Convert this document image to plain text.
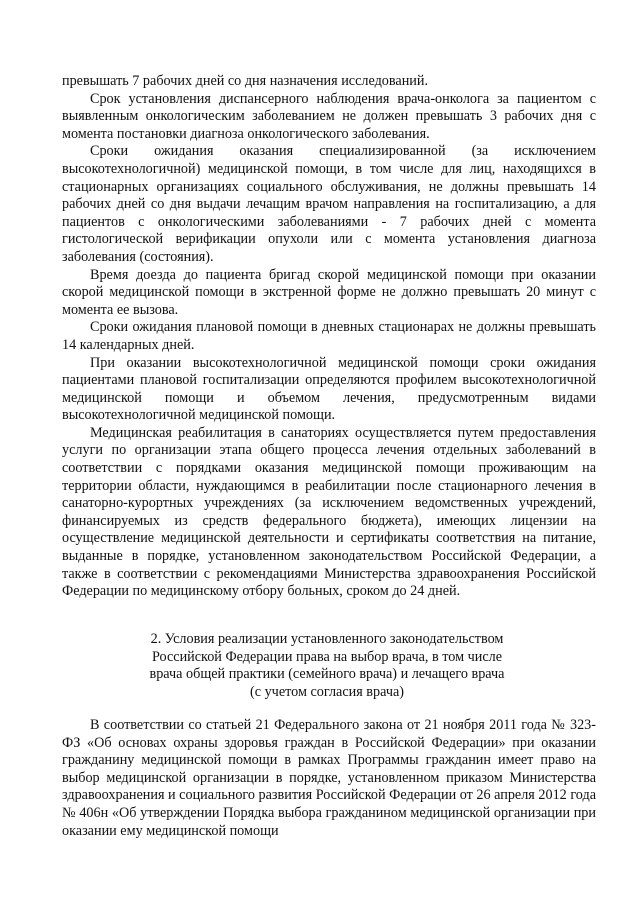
превышать 7 рабочих дней со дня назначения исследований.

Срок установления диспансерного наблюдения врача-онколога за пациентом с выявленным онкологическим заболеванием не должен превышать 3 рабочих дня с момента постановки диагноза онкологического заболевания.

Сроки ожидания оказания специализированной (за исключением высокотехнологичной) медицинской помощи, в том числе для лиц, находящихся в стационарных организациях социального обслуживания, не должны превышать 14 рабочих дней со дня выдачи лечащим врачом направления на госпитализацию, а для пациентов с онкологическими заболеваниями - 7 рабочих дней с момента гистологической верификации опухоли или с момента установления диагноза заболевания (состояния).

Время доезда до пациента бригад скорой медицинской помощи при оказании скорой медицинской помощи в экстренной форме не должно превышать 20 минут с момента ее вызова.

Сроки ожидания плановой помощи в дневных стационарах не должны превышать 14 календарных дней.

При оказании высокотехнологичной медицинской помощи сроки ожидания пациентами плановой госпитализации определяются профилем высокотехнологичной медицинской помощи и объемом лечения, предусмотренным видами высокотехнологичной медицинской помощи.

Медицинская реабилитация в санаториях осуществляется путем предоставления услуги по организации этапа общего процесса лечения отдельных заболеваний в соответствии с порядками оказания медицинской помощи проживающим на территории области, нуждающимся в реабилитации после стационарного лечения в санаторно-курортных учреждениях (за исключением ведомственных учреждений, финансируемых из средств федерального бюджета), имеющих лицензии на осуществление медицинской деятельности и сертификаты соответствия на питание, выданные в порядке, установленном законодательством Российской Федерации, а также в соответствии с рекомендациями Министерства здравоохранения Российской Федерации по медицинскому отбору больных, сроком до 24 дней.

2. Условия реализации установленного законодательством
Российской Федерации права на выбор врача, в том числе
врача общей практики (семейного врача) и лечащего врача
(с учетом согласия врача)

В соответствии со статьей 21 Федерального закона от 21 ноября 2011 года № 323-ФЗ «Об основах охраны здоровья граждан в Российской Федерации» при оказании гражданину медицинской помощи в рамках Программы гражданин имеет право на выбор медицинской организации в порядке, установленном приказом Министерства здравоохранения и социального развития Российской Федерации от 26 апреля 2012 года № 406н «Об утверждении Порядка выбора гражданином медицинской организации при оказании ему медицинской помощи
